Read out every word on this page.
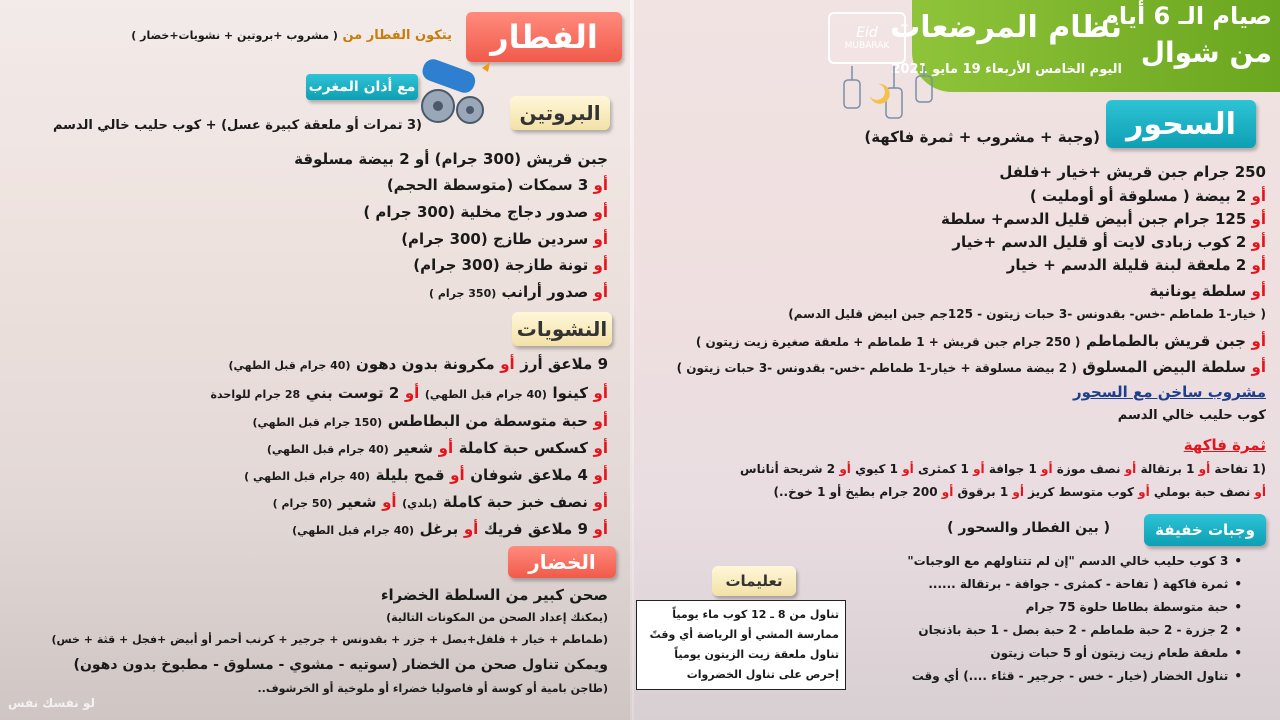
نظام المرضعات
صيام الـ 6 أيام
من شوال
اليوم الخامس الأربعاء 19 مايو 2021
Eid
MUBARAK
السحور
(وجبة + مشروب + ثمرة فاكهة)
250 جرام جبن قريش +خيار +فلفل
أو 2 بيضة ( مسلوقة أو أومليت )
أو 125 جرام جبن أبيض قليل الدسم+ سلطة
أو 2 كوب زبادى لايت أو قليل الدسم +خيار
أو 2 ملعقة لبنة قليلة الدسم + خيار
أو سلطة يونانية
( خيار-1 طماطم -خس- بقدونس -3 حبات زيتون - 125جم جبن ابيض قليل الدسم)
أو جبن قريش بالطماطم ( 250 جرام جبن قريش + 1 طماطم + ملعقة صغيرة زيت زيتون )
أو سلطة البيض المسلوق ( 2 بيضة مسلوقة + خيار-1 طماطم -خس- بقدونس -3 حبات زيتون )
مشروب ساخن مع السحور
كوب حليب خالي الدسم
ثمرة فاكهة
(1 تفاحة أو 1 برتقالة أو نصف موزة أو 1 جوافة أو 1 كمثرى أو 1 كيوي أو 2 شريحة أناناس
أو نصف حبة بوملي أو كوب متوسط كريز أو 1 برقوق أو 200 جرام بطيخ أو 1 خوخ..)
وجبات خفيفة
( بين الفطار والسحور )
• 3 كوب حليب خالي الدسم "إن لم تتناولهم مع الوجبات"
• ثمرة فاكهة ( تفاحة - كمثرى - جوافة - برتقالة ......
• حبة متوسطة بطاطا حلوة 75 جرام
• 2 جزرة - 2 حبة طماطم - 2 حبة بصل - 1 حبة باذنجان
• ملعقة طعام زيت زيتون أو 5 حبات زيتون
• تناول الخضار (خيار - خس - جرجير - قثاء ....) أي وقت
تعليمات
تناول من 8 ـ 12 كوب ماء يومياً
ممارسة المشي أو الرياضة أي وقتً
تناول ملعقة زيت الزيتون يومياً
إحرص على تناول الخضروات
الفطار
يتكون الفطار من ( مشروب +بروتين + نشويات+خضار )
مع أذان المغرب
(3 تمرات أو ملعقة كبيرة عسل) + كوب حليب خالي الدسم
البروتين
جبن قريش (300 جرام) أو 2 بيضة مسلوقة
أو 3 سمكات (متوسطة الحجم)
أو صدور دجاج مخلية (300 جرام )
أو سردين طازج (300 جرام)
أو تونة طازجة (300 جرام)
أو صدور أرانب (350 جرام )
النشويات
9 ملاعق أرز أو مكرونة بدون دهون (40 جرام قبل الطهي)
أو كينوا (40 جرام قبل الطهي) أو 2 توست بني 28 جرام للواحدة
أو حبة متوسطة من البطاطس (150 جرام قبل الطهي)
أو كسكس حبة كاملة أو شعير (40 جرام قبل الطهي)
أو 4 ملاعق شوفان أو قمح بليلة (40 جرام قبل الطهي )
أو نصف خبز حبة كاملة (بلدي) أو شعير (50 جرام )
أو 9 ملاعق فريك أو برغل (40 جرام قبل الطهي)
الخضار
صحن كبير من السلطة الخضراء
(يمكنك إعداد الصحن من المكونات التالية)
(طماطم + خيار + فلفل+بصل + جزر + بقدونس + جرجير + كرنب أحمر أو أبيض +فجل + قثة + خس)
ويمكن تناول صحن من الخضار (سوتيه - مشوي - مسلوق - مطبوخ بدون دهون)
(طاجن بامية أو كوسة أو فاصوليا خضراء أو ملوخية أو الخرشوف..
لو نفسك نفس
